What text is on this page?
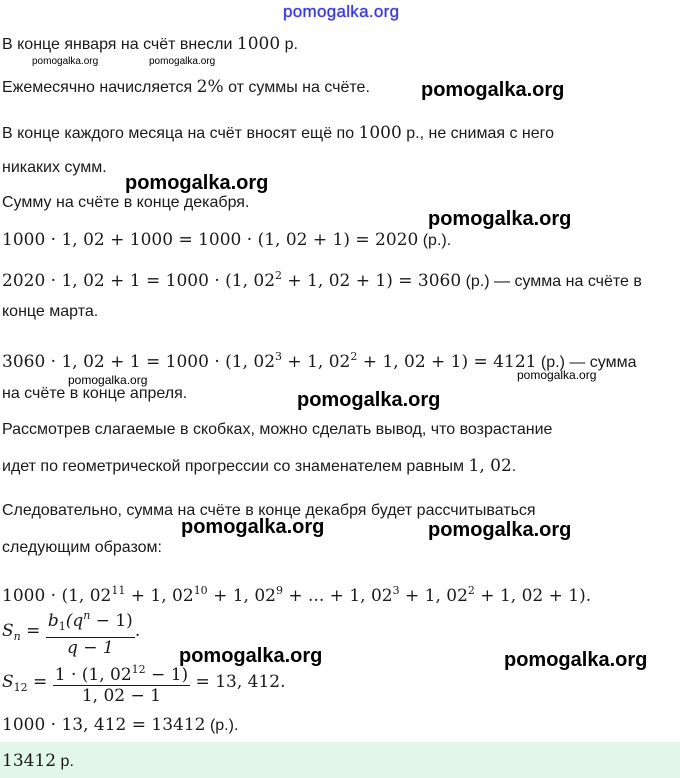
pomogalka.org
В конце января на счёт внесли 1000 р.
pomogalka.org	pomogalka.org
Ежемесячно начисляется 2% от суммы на счёте.	pomogalka.org
В конце каждого месяца на счёт вносят ещё по 1000 р., не снимая с него
никаких сумм.
pomogalka.org
Сумму на счёте в конце декабря.
pomogalka.org
1000 · 1, 02 + 1000 = 1000 · (1, 02 + 1) = 2020 (р.).
2020 · 1, 02 + 1 = 1000 · (1, $02^2 + 1$, 02 + 1) = 3060 (р.) — сумма на счёте в
конце марта.
3060 · 1, 02 + 1 = 1000 · (1, $02^3 + 1$, $02^2 + 1$, 02 + 1) = 4121 (р.) — сумма
pomogalka.org	pomogalka.org
на счёте в конце апреля.	pomogalka.org
Рассмотрев слагаемые в скобках, можно сделать вывод, что возрастание
идет по геометрической прогрессии со знаменателем равным 1, 02.
Следовательно, сумма на счёте в конце декабря будет рассчитываться
pomogalka.org	pomogalka.org
следующим образом:
1000 · (1, $02^{11} + 1$, $02^{10} + 1$, $02^9$ + ... + 1, $02^3 + 1$, $02^2 + 1$, 02 + 1).
$S_n = \frac{b_1(q^n - 1)}{q - 1}$ .
pomogalka.org	pomogalka.org
$S_{12} = \frac{1 \cdot (1, 02^{12} - 1)}{1, 02 - 1} = 13$, 412.
1000 · 13, 412 = 13412 (р.).
13412 р.
